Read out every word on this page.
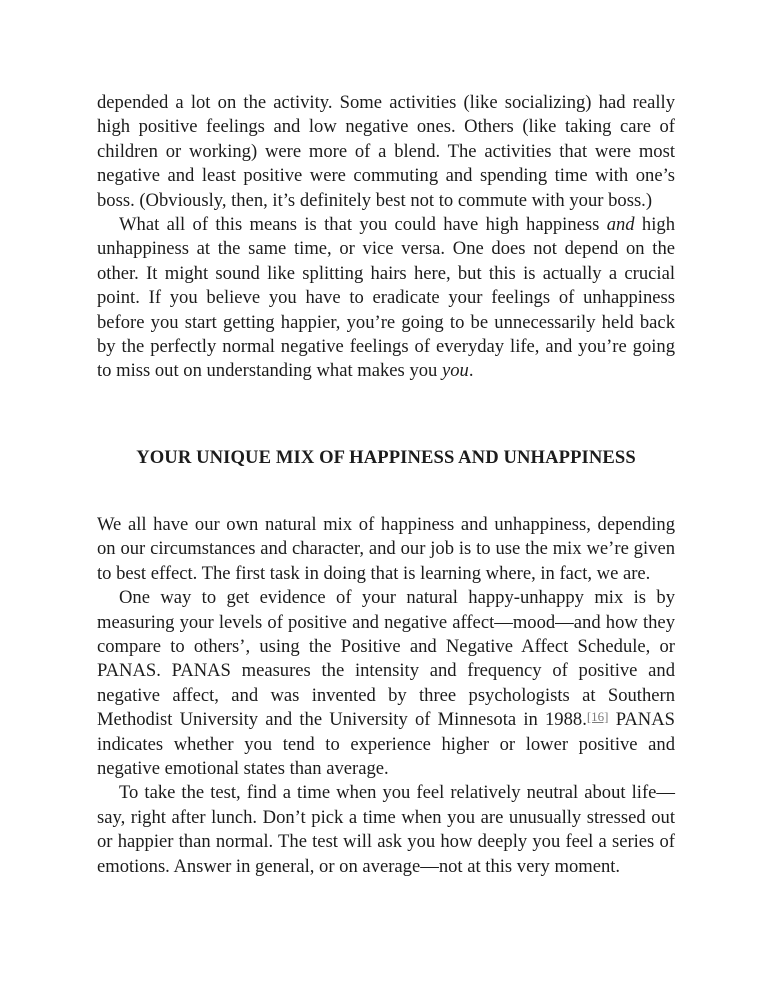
depended a lot on the activity. Some activities (like socializing) had really high positive feelings and low negative ones. Others (like taking care of children or working) were more of a blend. The activities that were most negative and least positive were commuting and spending time with one’s boss. (Obviously, then, it’s definitely best not to commute with your boss.)

What all of this means is that you could have high happiness and high unhappiness at the same time, or vice versa. One does not depend on the other. It might sound like splitting hairs here, but this is actually a crucial point. If you believe you have to eradicate your feelings of unhappiness before you start getting happier, you’re going to be unnecessarily held back by the perfectly normal negative feelings of everyday life, and you’re going to miss out on understanding what makes you you.

YOUR UNIQUE MIX OF HAPPINESS AND UNHAPPINESS

We all have our own natural mix of happiness and unhappiness, depending on our circumstances and character, and our job is to use the mix we’re given to best effect. The first task in doing that is learning where, in fact, we are.

One way to get evidence of your natural happy-unhappy mix is by measuring your levels of positive and negative affect—mood—and how they compare to others’, using the Positive and Negative Affect Schedule, or PANAS. PANAS measures the intensity and frequency of positive and negative affect, and was invented by three psychologists at Southern Methodist University and the University of Minnesota in 1988.[16] PANAS indicates whether you tend to experience higher or lower positive and negative emotional states than average.

To take the test, find a time when you feel relatively neutral about life—say, right after lunch. Don’t pick a time when you are unusually stressed out or happier than normal. The test will ask you how deeply you feel a series of emotions. Answer in general, or on average—not at this very moment.
